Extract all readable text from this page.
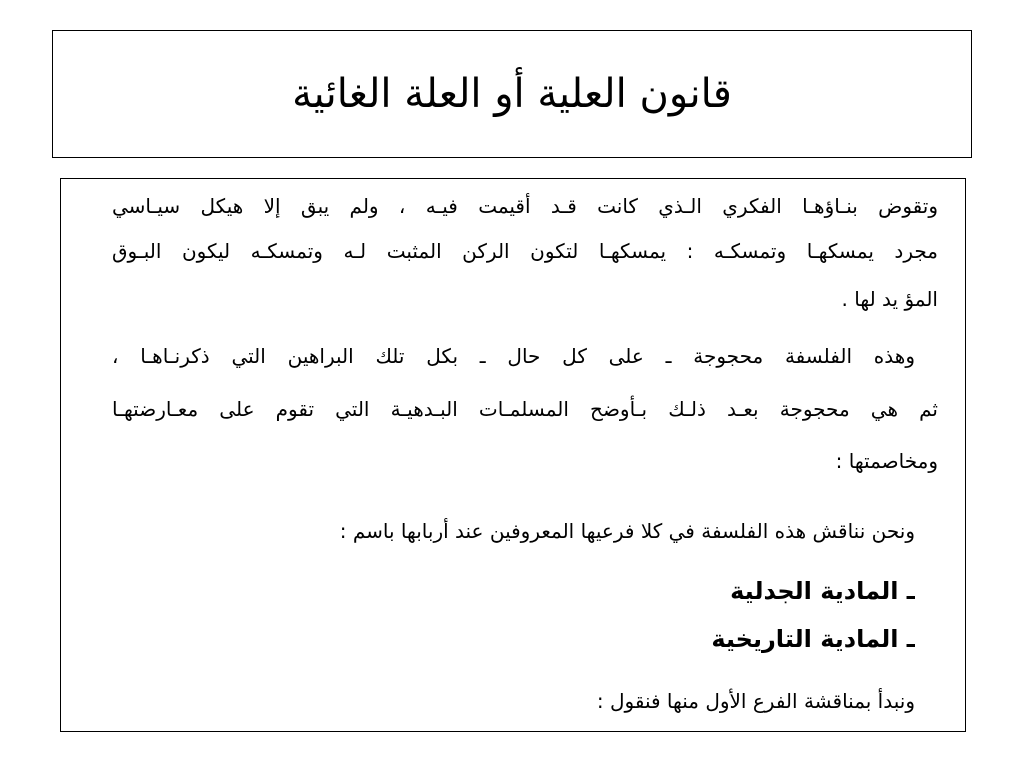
قانون العلية أو العلة الغائية
وتقوض بنـاؤهـا الفكري الـذي كانت قـد أقيمت فيـه ، ولم يبق إلا هيكل سيـاسي
مجرد يمسكهـا وتمسكـه : يمسكهـا لتكون الركن المثبت لـه وتمسكـه ليكون البـوق
المؤ يد لها .
وهذه الفلسفة محجوجة ـ على كل حال ـ بكل تلك البراهين التي ذكرنـاهـا ،
ثم هي محجوجة بعـد ذلـك بـأوضح المسلمـات البـدهيـة التي تقوم على معـارضتهـا
ومخاصمتها :
ونحن نناقش هذه الفلسفة في كلا فرعيها المعروفين عند أربابها باسم :
ـ المادية الجدلية
ـ المادية التاريخية
ونبدأ بمناقشة الفرع الأول منها فنقول :
